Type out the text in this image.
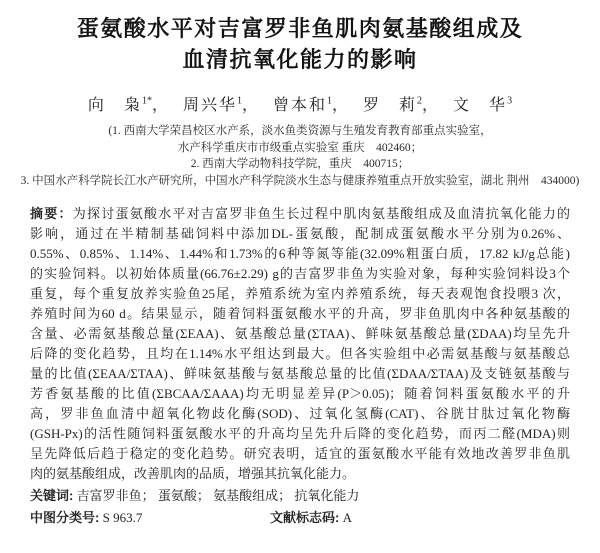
蛋氨酸水平对吉富罗非鱼肌肉氨基酸组成及
血清抗氧化能力的影响
向　枭$^{1*}$， 周兴华$^1$， 曾本和$^1$， 罗　莉$^2$， 文　华$^3$
(1. 西南大学荣昌校区水产系，淡水鱼类资源与生殖发育教育部重点实验室，
水产科学重庆市市级重点实验室 重庆　402460；
2. 西南大学动物科技学院，重庆　400715；
3. 中国水产科学院长江水产研究所，中国水产科学院淡水生态与健康养殖重点开放实验室，湖北 荆州　434000)
摘要：为探讨蛋氨酸水平对吉富罗非鱼生长过程中肌肉氨基酸组成及血清抗氧化能力的
影响，通过在半精制基础饲料中添加DL-蛋氨酸，配制成蛋氨酸水平分别为0.26%、
0.55%、0.85%、1.14%、1.44%和1.73%的6种等氮等能(32.09%粗蛋白质，17.82 kJ/g总能)
的实验饲料。以初始体质量(66.76±2.29) g的吉富罗非鱼为实验对象，每种实验饲料设3个
重复，每个重复放养实验鱼25尾，养殖系统为室内养殖系统，每天表观饱食投喂3 次，
养殖时间为60 d。结果显示，随着饲料蛋氨酸水平的升高，罗非鱼肌肉中各种氨基酸的
含量、必需氨基酸总量(ΣEAA)、氨基酸总量(ΣTAA)、鲜味氨基酸总量(ΣDAA)均呈先升
后降的变化趋势，且均在1.14%水平组达到最大。但各实验组中必需氨基酸与氨基酸总
量的比值(ΣEAA/ΣTAA)、鲜味氨基酸与氨基酸总量的比值(ΣDAA/ΣTAA)及支链氨基酸与
芳香氨基酸的比值(ΣBCAA/ΣAAA)均无明显差异(P＞0.05)；随着饲料蛋氨酸水平的升
高，罗非鱼血清中超氧化物歧化酶(SOD)、过氧化氢酶(CAT)、谷胱甘肽过氧化物酶
(GSH-Px)的活性随饲料蛋氨酸水平的升高均呈先升后降的变化趋势，而丙二醛(MDA)则
呈先降低后趋于稳定的变化趋势。研究表明，适宜的蛋氨酸水平能有效地改善罗非鱼肌
肉的氨基酸组成，改善肌肉的品质，增强其抗氧化能力。
关键词: 吉富罗非鱼； 蛋氨酸； 氨基酸组成； 抗氧化能力
中图分类号: S 963.7	文献标志码: A
